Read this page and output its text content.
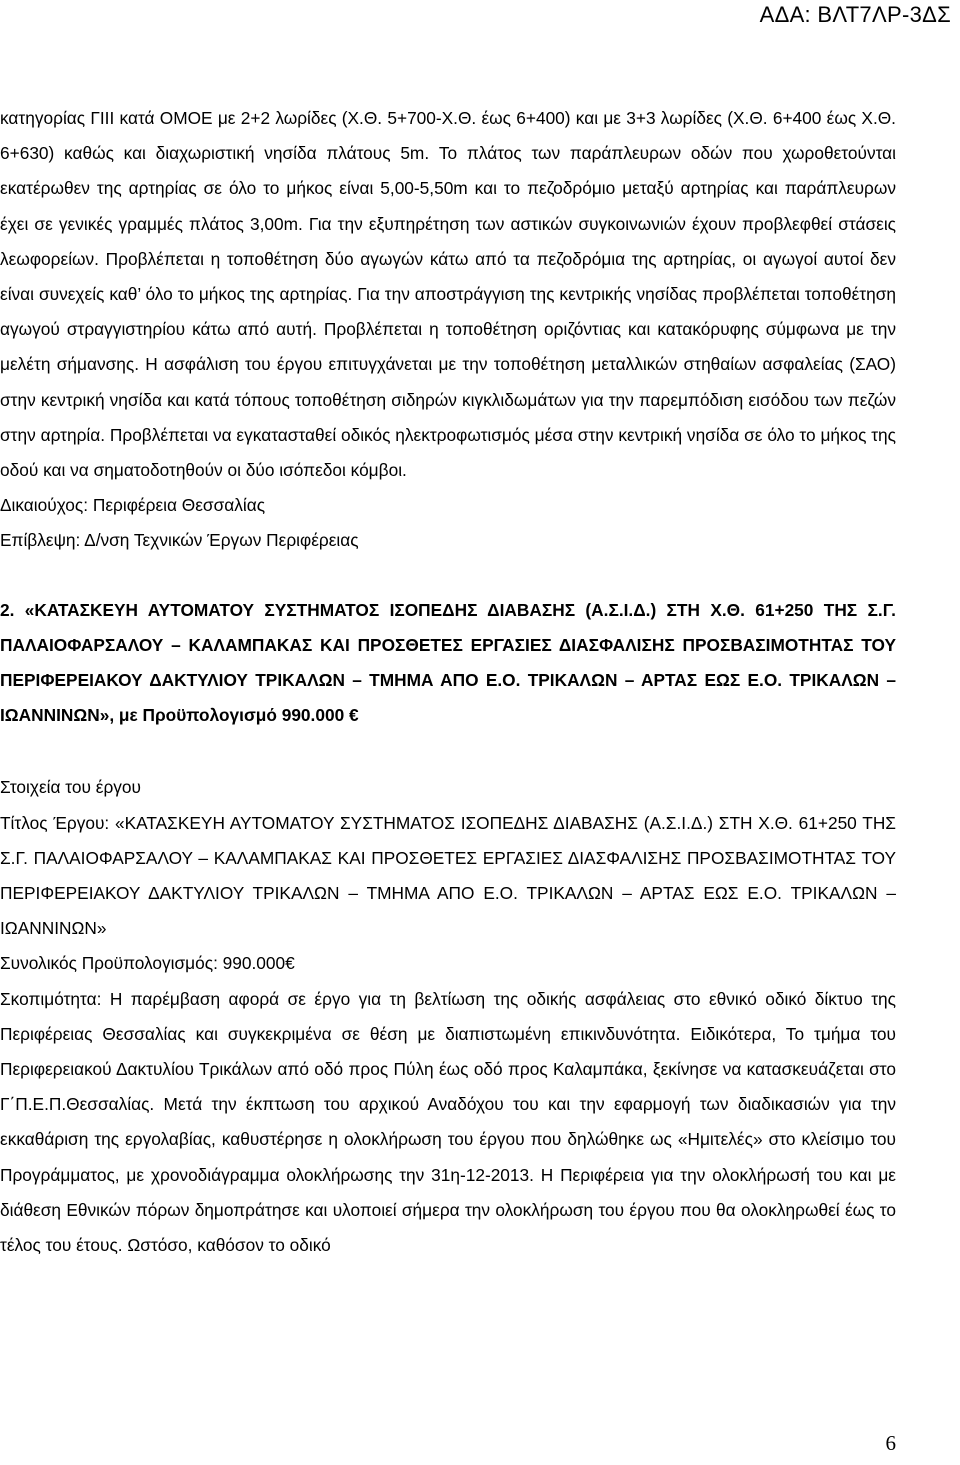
ΑΔΑ: ΒΛΤ7ΛΡ-3ΔΣ

κατηγορίας ΓΙΙΙ κατά ΟΜΟΕ με 2+2 λωρίδες (Χ.Θ. 5+700-Χ.Θ. έως 6+400) και με 3+3 λωρίδες (Χ.Θ. 6+400 έως Χ.Θ. 6+630) καθώς και διαχωριστική νησίδα πλάτους 5m. Το πλάτος των παράπλευρων οδών που χωροθετούνται εκατέρωθεν της αρτηρίας σε όλο το μήκος είναι 5,00-5,50m και το πεζοδρόμιο μεταξύ αρτηρίας και παράπλευρων έχει σε γενικές γραμμές πλάτος 3,00m. Για την εξυπηρέτηση των αστικών συγκοινωνιών έχουν προβλεφθεί στάσεις λεωφορείων. Προβλέπεται η τοποθέτηση δύο αγωγών κάτω από τα πεζοδρόμια της αρτηρίας, οι αγωγοί αυτοί δεν είναι συνεχείς καθ’ όλο το μήκος της αρτηρίας. Για την αποστράγγιση της κεντρικής νησίδας προβλέπεται τοποθέτηση αγωγού στραγγιστηρίου κάτω από αυτή. Προβλέπεται η τοποθέτηση οριζόντιας και κατακόρυφης σύμφωνα με την μελέτη σήμανσης. Η ασφάλιση του έργου επιτυγχάνεται με την τοποθέτηση μεταλλικών στηθαίων ασφαλείας (ΣΑΟ) στην κεντρική νησίδα και κατά τόπους τοποθέτηση σιδηρών κιγκλιδωμάτων για την παρεμπόδιση εισόδου των πεζών στην αρτηρία. Προβλέπεται να εγκατασταθεί οδικός ηλεκτροφωτισμός μέσα στην κεντρική νησίδα σε όλο το μήκος της οδού και να σηματοδοτηθούν οι δύο ισόπεδοι κόμβοι.

Δικαιούχος: Περιφέρεια Θεσσαλίας

Επίβλεψη: Δ/νση Τεχνικών Έργων Περιφέρειας

2. «ΚΑΤΑΣΚΕΥΗ ΑΥΤΟΜΑΤΟΥ ΣΥΣΤΗΜΑΤΟΣ ΙΣΟΠΕΔΗΣ ΔΙΑΒΑΣΗΣ (Α.Σ.Ι.Δ.) ΣΤΗ Χ.Θ. 61+250 ΤΗΣ Σ.Γ. ΠΑΛΑΙΟΦΑΡΣΑΛΟΥ – ΚΑΛΑΜΠΑΚΑΣ ΚΑΙ ΠΡΟΣΘΕΤΕΣ ΕΡΓΑΣΙΕΣ ΔΙΑΣΦΑΛΙΣΗΣ ΠΡΟΣΒΑΣΙΜΟΤΗΤΑΣ ΤΟΥ ΠΕΡΙΦΕΡΕΙΑΚΟΥ ΔΑΚΤΥΛΙΟΥ ΤΡΙΚΑΛΩΝ – ΤΜΗΜΑ ΑΠΟ Ε.Ο. ΤΡΙΚΑΛΩΝ – ΑΡΤΑΣ ΕΩΣ Ε.Ο. ΤΡΙΚΑΛΩΝ – ΙΩΑΝΝΙΝΩΝ», με Προϋπολογισμό 990.000 €

Στοιχεία του έργου

Τίτλος Έργου: «ΚΑΤΑΣΚΕΥΗ ΑΥΤΟΜΑΤΟΥ ΣΥΣΤΗΜΑΤΟΣ ΙΣΟΠΕΔΗΣ ΔΙΑΒΑΣΗΣ (Α.Σ.Ι.Δ.) ΣΤΗ Χ.Θ. 61+250 ΤΗΣ Σ.Γ. ΠΑΛΑΙΟΦΑΡΣΑΛΟΥ – ΚΑΛΑΜΠΑΚΑΣ ΚΑΙ ΠΡΟΣΘΕΤΕΣ ΕΡΓΑΣΙΕΣ ΔΙΑΣΦΑΛΙΣΗΣ ΠΡΟΣΒΑΣΙΜΟΤΗΤΑΣ ΤΟΥ ΠΕΡΙΦΕΡΕΙΑΚΟΥ ΔΑΚΤΥΛΙΟΥ ΤΡΙΚΑΛΩΝ – ΤΜΗΜΑ ΑΠΟ Ε.Ο. ΤΡΙΚΑΛΩΝ – ΑΡΤΑΣ ΕΩΣ Ε.Ο. ΤΡΙΚΑΛΩΝ – ΙΩΑΝΝΙΝΩΝ»

Συνολικός Προϋπολογισμός: 990.000€

Σκοπιμότητα: Η παρέμβαση αφορά σε έργο για τη βελτίωση της οδικής ασφάλειας στο εθνικό οδικό δίκτυο της Περιφέρειας Θεσσαλίας και συγκεκριμένα σε θέση με διαπιστωμένη επικινδυνότητα. Ειδικότερα, Το τμήμα του Περιφερειακού Δακτυλίου Τρικάλων από οδό προς Πύλη έως οδό προς Καλαμπάκα, ξεκίνησε να κατασκευάζεται στο Γ΄Π.Ε.Π.Θεσσαλίας. Μετά την έκπτωση του αρχικού Αναδόχου του και την εφαρμογή των διαδικασιών για την εκκαθάριση της εργολαβίας, καθυστέρησε η ολοκλήρωση του έργου που δηλώθηκε ως «Ημιτελές» στο κλείσιμο του Προγράμματος, με χρονοδιάγραμμα ολοκλήρωσης την 31η-12-2013. Η Περιφέρεια για την ολοκλήρωσή του και με διάθεση Εθνικών πόρων δημοπράτησε και υλοποιεί σήμερα την ολοκλήρωση του έργου που θα ολοκληρωθεί έως το τέλος του έτους. Ωστόσο, καθόσον το οδικό

6
